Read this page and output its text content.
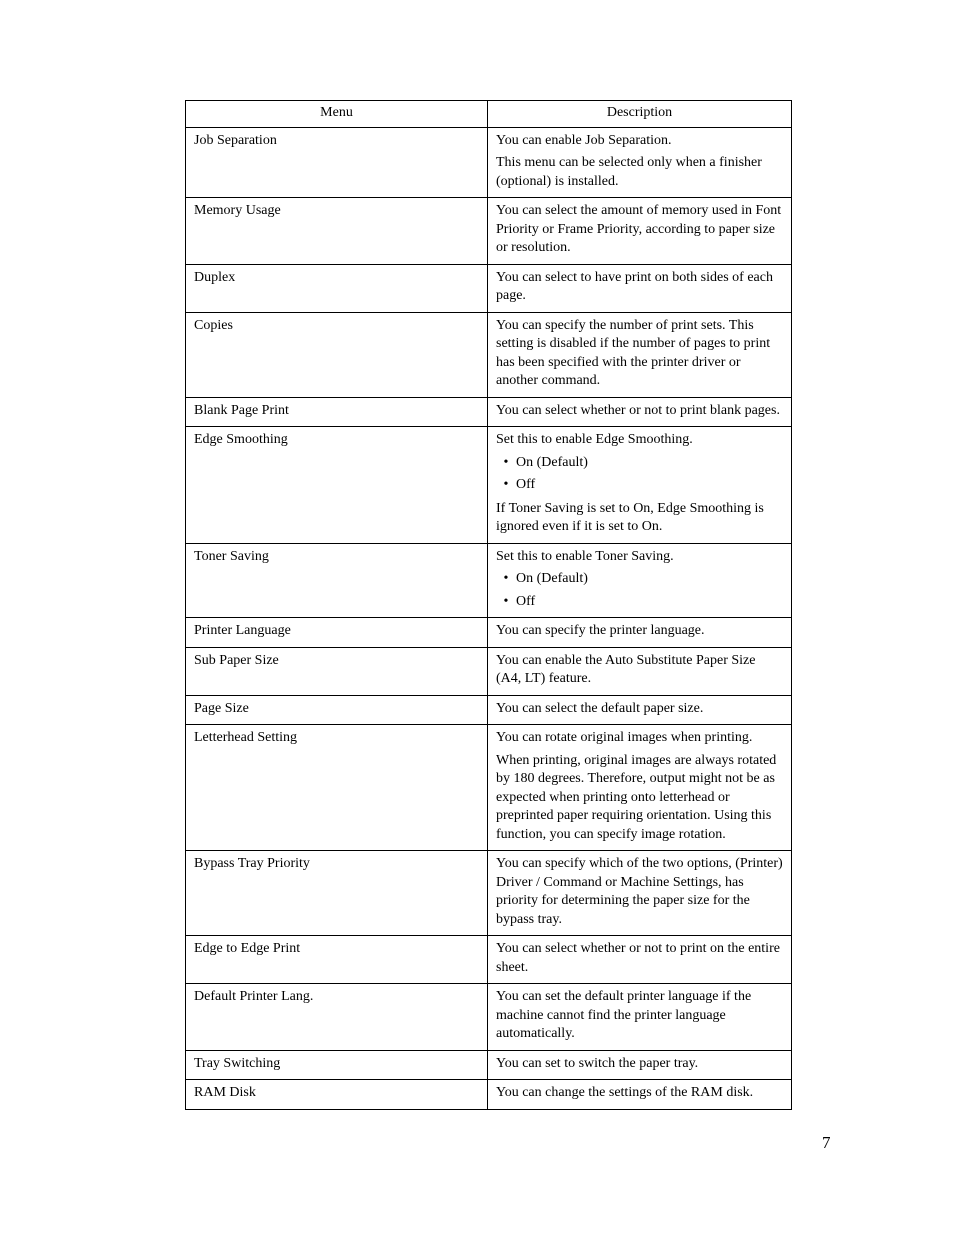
Menu	Description
Job Separation	You can enable Job Separation.

This menu can be selected only when a finisher (optional) is installed.

Memory Usage	You can select the amount of memory used in Font Priority or Frame Priority, according to paper size or resolution.

Duplex	You can select to have print on both sides of each page.

Copies	You can specify the number of print sets. This setting is disabled if the number of pages to print has been specified with the printer driver or another command.

Blank Page Print	You can select whether or not to print blank pages.

Edge Smoothing	Set this to enable Edge Smoothing.

• On (Default)
• Off

If Toner Saving is set to On, Edge Smoothing is ignored even if it is set to On.

Toner Saving	Set this to enable Toner Saving.

• On (Default)
• Off

Printer Language	You can specify the printer language.

Sub Paper Size	You can enable the Auto Substitute Paper Size (A4, LT) feature.

Page Size	You can select the default paper size.

Letterhead Setting	You can rotate original images when printing.

When printing, original images are always rotated by 180 degrees. Therefore, output might not be as expected when printing onto letterhead or preprinted paper requiring orientation. Using this function, you can specify image rotation.

Bypass Tray Priority	You can specify which of the two options, (Printer) Driver / Command or Machine Settings, has priority for determining the paper size for the bypass tray.

Edge to Edge Print	You can select whether or not to print on the entire sheet.

Default Printer Lang.	You can set the default printer language if the machine cannot find the printer language automatically.

Tray Switching	You can set to switch the paper tray.

RAM Disk	You can change the settings of the RAM disk.

7
